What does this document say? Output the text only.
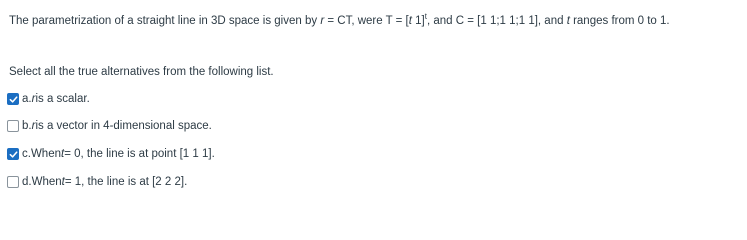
The parametrization of a straight line in 3D space is given by r = CT, were T = [t 1]$^t$, and C = [1 1;1 1;1 1], and t ranges from 0 to 1.
Select all the true alternatives from the following list.
a. r is a scalar.
b. r is a vector in 4-dimensional space.
c. When t = 0, the line is at point [1 1 1].
d. When t = 1, the line is at [2 2 2].
